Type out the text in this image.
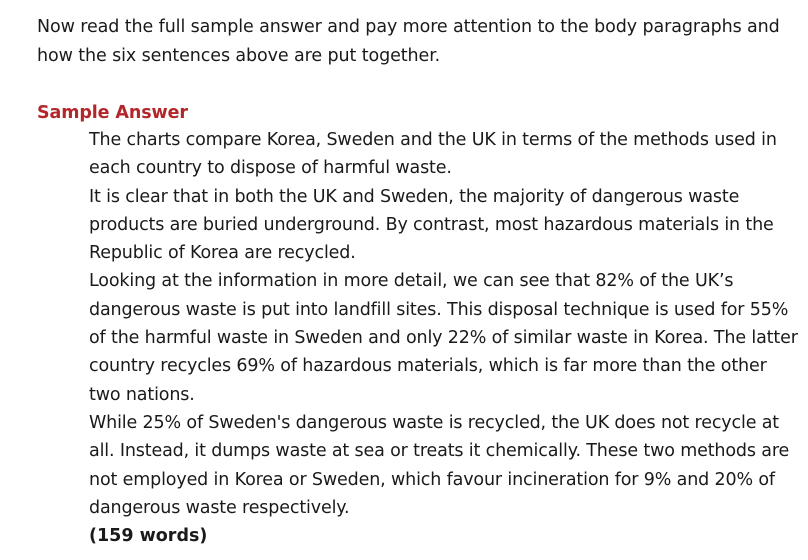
Now read the full sample answer and pay more attention to the body paragraphs and how the six sentences above are put together.
Sample Answer

The charts compare Korea, Sweden and the UK in terms of the methods used in each country to dispose of harmful waste.

It is clear that in both the UK and Sweden, the majority of dangerous waste products are buried underground. By contrast, most hazardous materials in the Republic of Korea are recycled.

Looking at the information in more detail, we can see that 82% of the UK’s dangerous waste is put into landfill sites. This disposal technique is used for 55% of the harmful waste in Sweden and only 22% of similar waste in Korea. The latter country recycles 69% of hazardous materials, which is far more than the other two nations.

While 25% of Sweden's dangerous waste is recycled, the UK does not recycle at all. Instead, it dumps waste at sea or treats it chemically. These two methods are not employed in Korea or Sweden, which favour incineration for 9% and 20% of dangerous waste respectively.

(159 words)
